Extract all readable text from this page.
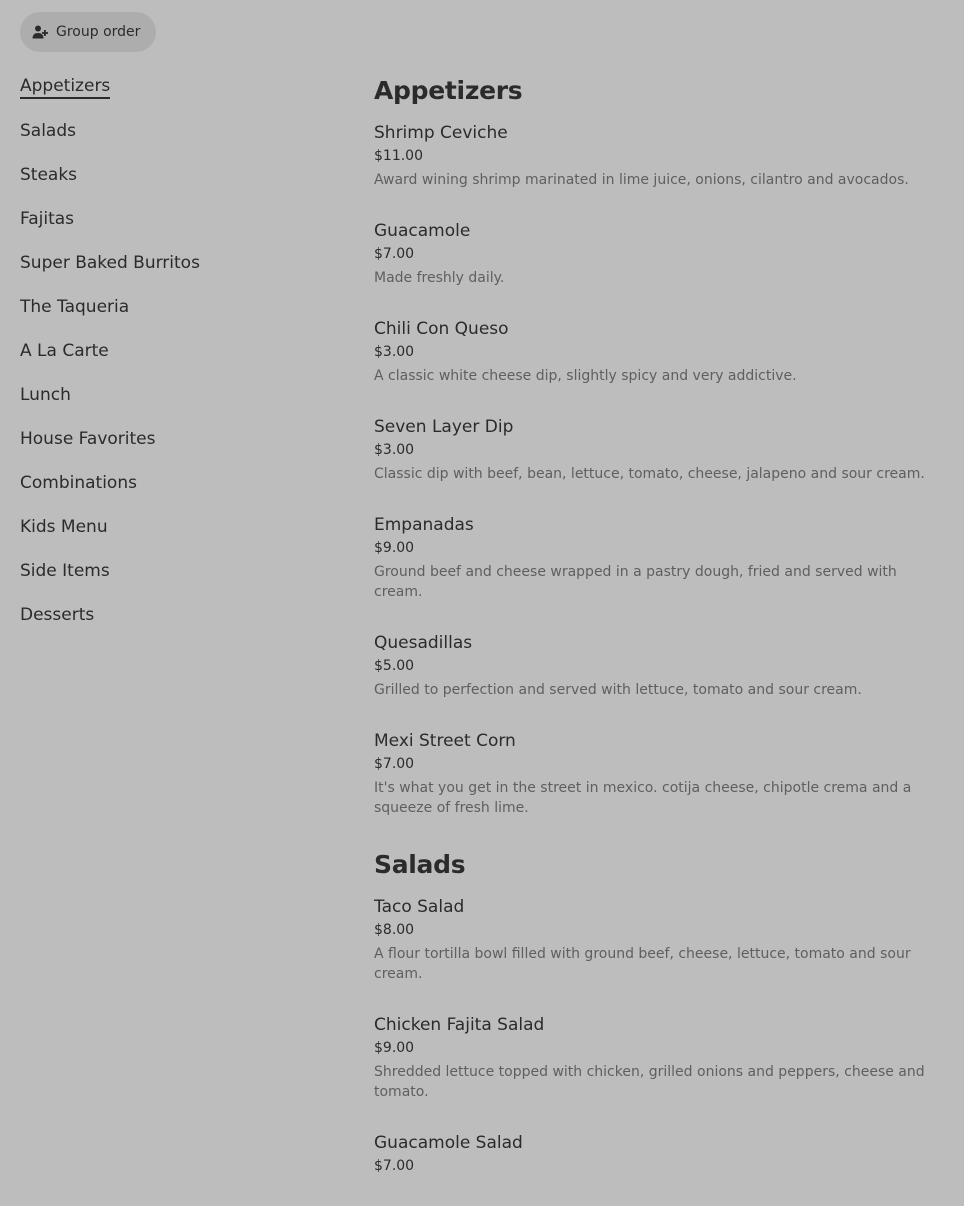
Group order
Appetizers
Salads
Steaks
Fajitas
Super Baked Burritos
The Taqueria
A La Carte
Lunch
House Favorites
Combinations
Kids Menu
Side Items
Desserts
Appetizers
Shrimp Ceviche
$11.00
Award wining shrimp marinated in lime juice, onions, cilantro and avocados.
Guacamole
$7.00
Made freshly daily.
Chili Con Queso
$3.00
A classic white cheese dip, slightly spicy and very addictive.
Seven Layer Dip
$3.00
Classic dip with beef, bean, lettuce, tomato, cheese, jalapeno and sour cream.
Empanadas
$9.00
Ground beef and cheese wrapped in a pastry dough, fried and served with cream.
Quesadillas
$5.00
Grilled to perfection and served with lettuce, tomato and sour cream.
Mexi Street Corn
$7.00
It's what you get in the street in mexico. cotija cheese, chipotle crema and a squeeze of fresh lime.
Salads
Taco Salad
$8.00
A flour tortilla bowl filled with ground beef, cheese, lettuce, tomato and sour cream.
Chicken Fajita Salad
$9.00
Shredded lettuce topped with chicken, grilled onions and peppers, cheese and tomato.
Guacamole Salad
$7.00
